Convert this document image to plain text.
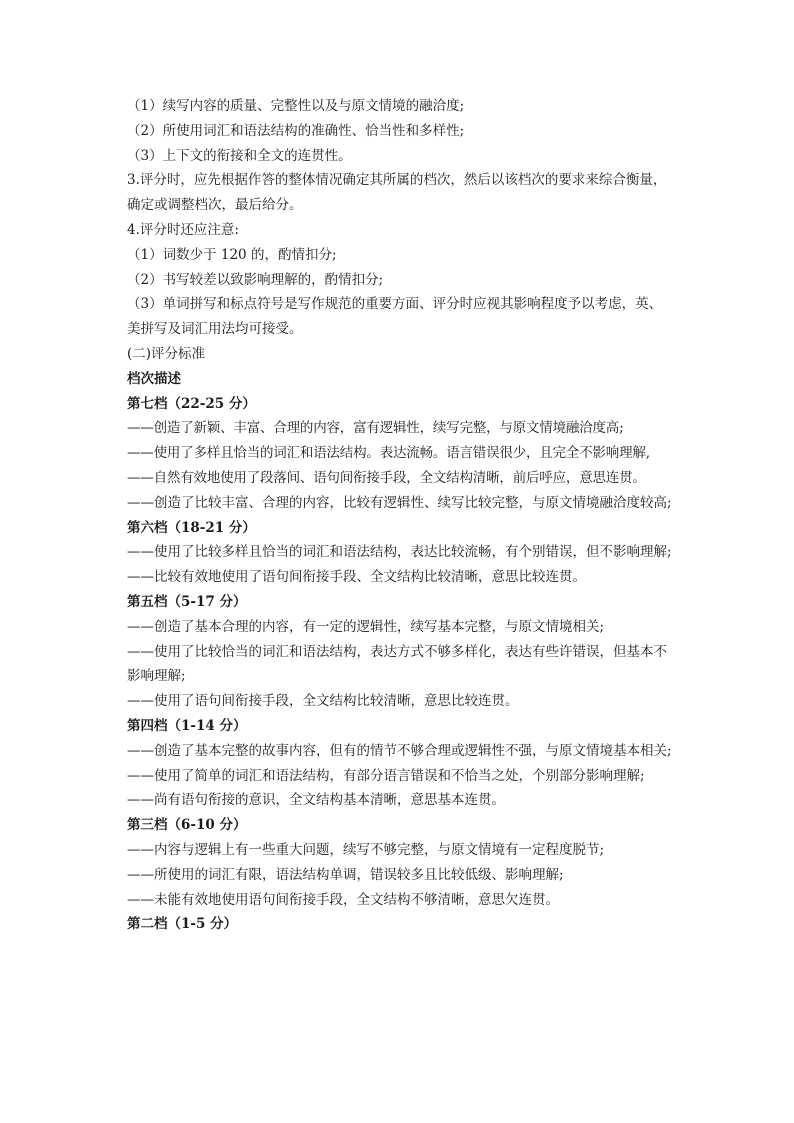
（1）续写内容的质量、完整性以及与原文情境的融洽度;
（2）所使用词汇和语法结构的准确性、恰当性和多样性;
（3）上下文的衔接和全文的连贯性。
3.评分时，应先根据作答的整体情况确定其所属的档次，然后以该档次的要求来综合衡量，确定或调整档次，最后给分。
4.评分时还应注意:
（1）词数少于 120 的，酌情扣分;
（2）书写较差以致影响理解的，酌情扣分;
（3）单词拼写和标点符号是写作规范的重要方面、评分时应视其影响程度予以考虑，英、美拼写及词汇用法均可接受。
(二)评分标准
档次描述
第七档（22-25 分）
——创造了新颖、丰富、合理的内容，富有逻辑性，续写完整，与原文情境融洽度高;
——使用了多样且恰当的词汇和语法结构。表达流畅。语言错误很少，且完全不影响理解,
——自然有效地使用了段落间、语句间衔接手段，全文结构清晰，前后呼应，意思连贯。
——创造了比较丰富、合理的内容，比较有逻辑性、续写比较完整，与原文情境融洽度较高;
第六档（18-21 分）
——使用了比较多样且恰当的词汇和语法结构，表达比较流畅，有个别错误，但不影响理解;
——比较有效地使用了语句间衔接手段、全文结构比较清晰，意思比较连贯。
第五档（5-17 分）
——创造了基本合理的内容，有一定的逻辑性，续写基本完整，与原文情境相关;
——使用了比较恰当的词汇和语法结构，表达方式不够多样化，表达有些许错误，但基本不影响理解;
——使用了语句间衔接手段，全文结构比较清晰，意思比较连贯。
第四档（1-14 分）
——创造了基本完整的故事内容，但有的情节不够合理或逻辑性不强，与原文情境基本相关;
——使用了简单的词汇和语法结构，有部分语言错误和不恰当之处，个别部分影响理解;
——尚有语句衔接的意识，全文结构基本清晰，意思基本连贯。
第三档（6-10 分）
——内容与逻辑上有一些重大问题，续写不够完整，与原文情境有一定程度脱节;
——所使用的词汇有限，语法结构单调，错误较多且比较低级、影响理解;
——未能有效地使用语句间衔接手段，全文结构不够清晰，意思欠连贯。
第二档（1-5 分）
